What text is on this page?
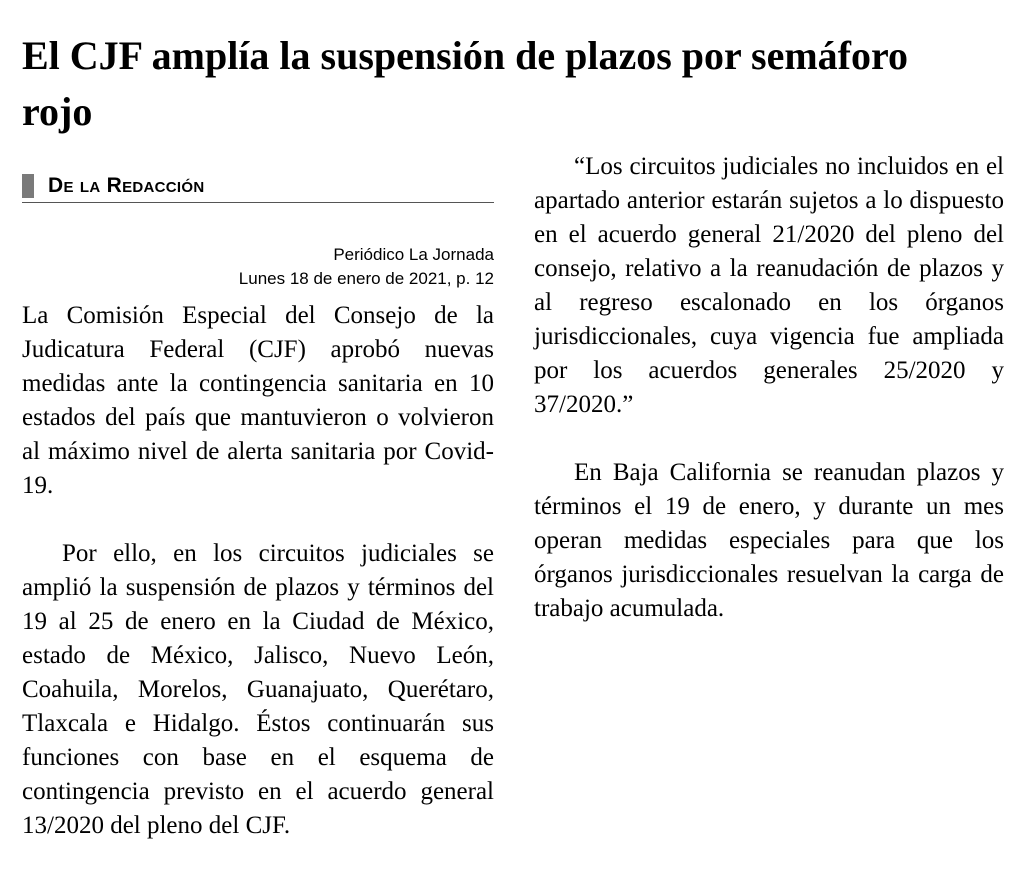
El CJF amplía la suspensión de plazos por semáforo rojo
De la Redacción
Periódico La Jornada
Lunes 18 de enero de 2021, p. 12

La Comisión Especial del Consejo de la Judicatura Federal (CJF) aprobó nuevas medidas ante la contingencia sanitaria en 10 estados del país que mantuvieron o volvieron al máximo nivel de alerta sanitaria por Covid-19.

Por ello, en los circuitos judiciales se amplió la suspensión de plazos y términos del 19 al 25 de enero en la Ciudad de México, estado de México, Jalisco, Nuevo León, Coahuila, Morelos, Guanajuato, Querétaro, Tlaxcala e Hidalgo. Éstos continuarán sus funciones con base en el esquema de contingencia previsto en el acuerdo general 13/2020 del pleno del CJF.

“Los circuitos judiciales no incluidos en el apartado anterior estarán sujetos a lo dispuesto en el acuerdo general 21/2020 del pleno del consejo, relativo a la reanudación de plazos y al regreso escalonado en los órganos jurisdiccionales, cuya vigencia fue ampliada por los acuerdos generales 25/2020 y 37/2020.”

En Baja California se reanudan plazos y términos el 19 de enero, y durante un mes operan medidas especiales para que los órganos jurisdiccionales resuelvan la carga de trabajo acumulada.
